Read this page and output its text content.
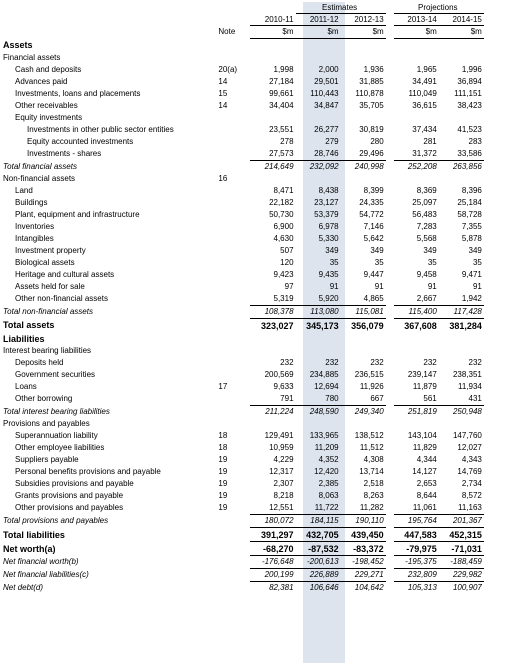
			Estimates			Projections		
		2010-11	2011-12	2012-13		2013-14	2014-15	
	Note	$m	$m	$m		$m	$m	
Assets								
Financial assets								
Cash and deposits	20(a)	1,998	2,000	1,936		1,965	1,996	
Advances paid	14	27,184	29,501	31,885		34,491	36,894	
Investments, loans and placements	15	99,661	110,443	110,878		110,049	111,151	
Other receivables	14	34,404	34,847	35,705		36,615	38,423	
Equity investments								
Investments in other public sector entities		23,551	26,277	30,819		37,434	41,523	
Equity accounted investments		278	279	280		281	283	
Investments - shares		27,573	28,746	29,496		31,372	33,586	
Total financial assets		214,649	232,092	240,998		252,208	263,856	
Non-financial assets	16							
Land		8,471	8,438	8,399		8,369	8,396	
Buildings		22,182	23,127	24,335		25,097	25,184	
Plant, equipment and infrastructure		50,730	53,379	54,772		56,483	58,728	
Inventories		6,900	6,978	7,146		7,283	7,355	
Intangibles		4,630	5,330	5,642		5,568	5,878	
Investment property		507	349	349		349	349	
Biological assets		120	35	35		35	35	
Heritage and cultural assets		9,423	9,435	9,447		9,458	9,471	
Assets held for sale		97	91	91		91	91	
Other non-financial assets		5,319	5,920	4,865		2,667	1,942	
Total non-financial assets		108,378	113,080	115,081		115,400	117,428	
Total assets		323,027	345,173	356,079		367,608	381,284	
Liabilities								
Interest bearing liabilities								
Deposits held		232	232	232		232	232	
Government securities		200,569	234,885	236,515		239,147	238,351	
Loans	17	9,633	12,694	11,926		11,879	11,934	
Other borrowing		791	780	667		561	431	
Total interest bearing liabilities		211,224	248,590	249,340		251,819	250,948	
Provisions and payables								
Superannuation liability	18	129,491	133,965	138,512		143,104	147,760	
Other employee liabilities	18	10,959	11,209	11,512		11,829	12,027	
Suppliers payable	19	4,229	4,352	4,308		4,344	4,343	
Personal benefits provisions and payable	19	12,317	12,420	13,714		14,127	14,769	
Subsidies provisions and payable	19	2,307	2,385	2,518		2,653	2,734	
Grants provisions and payable	19	8,218	8,063	8,263		8,644	8,572	
Other provisions and payables	19	12,551	11,722	11,282		11,061	11,163	
Total provisions and payables		180,072	184,115	190,110		195,764	201,367	
Total liabilities		391,297	432,705	439,450		447,583	452,315	
Net worth(a)		-68,270	-87,532	-83,372		-79,975	-71,031	
Net financial worth(b)		-176,648	-200,613	-198,452		-195,375	-188,459	
Net financial liabilities(c)		200,199	226,889	229,271		232,809	229,982	
Net debt(d)		82,381	106,646	104,642		105,313	100,907	
